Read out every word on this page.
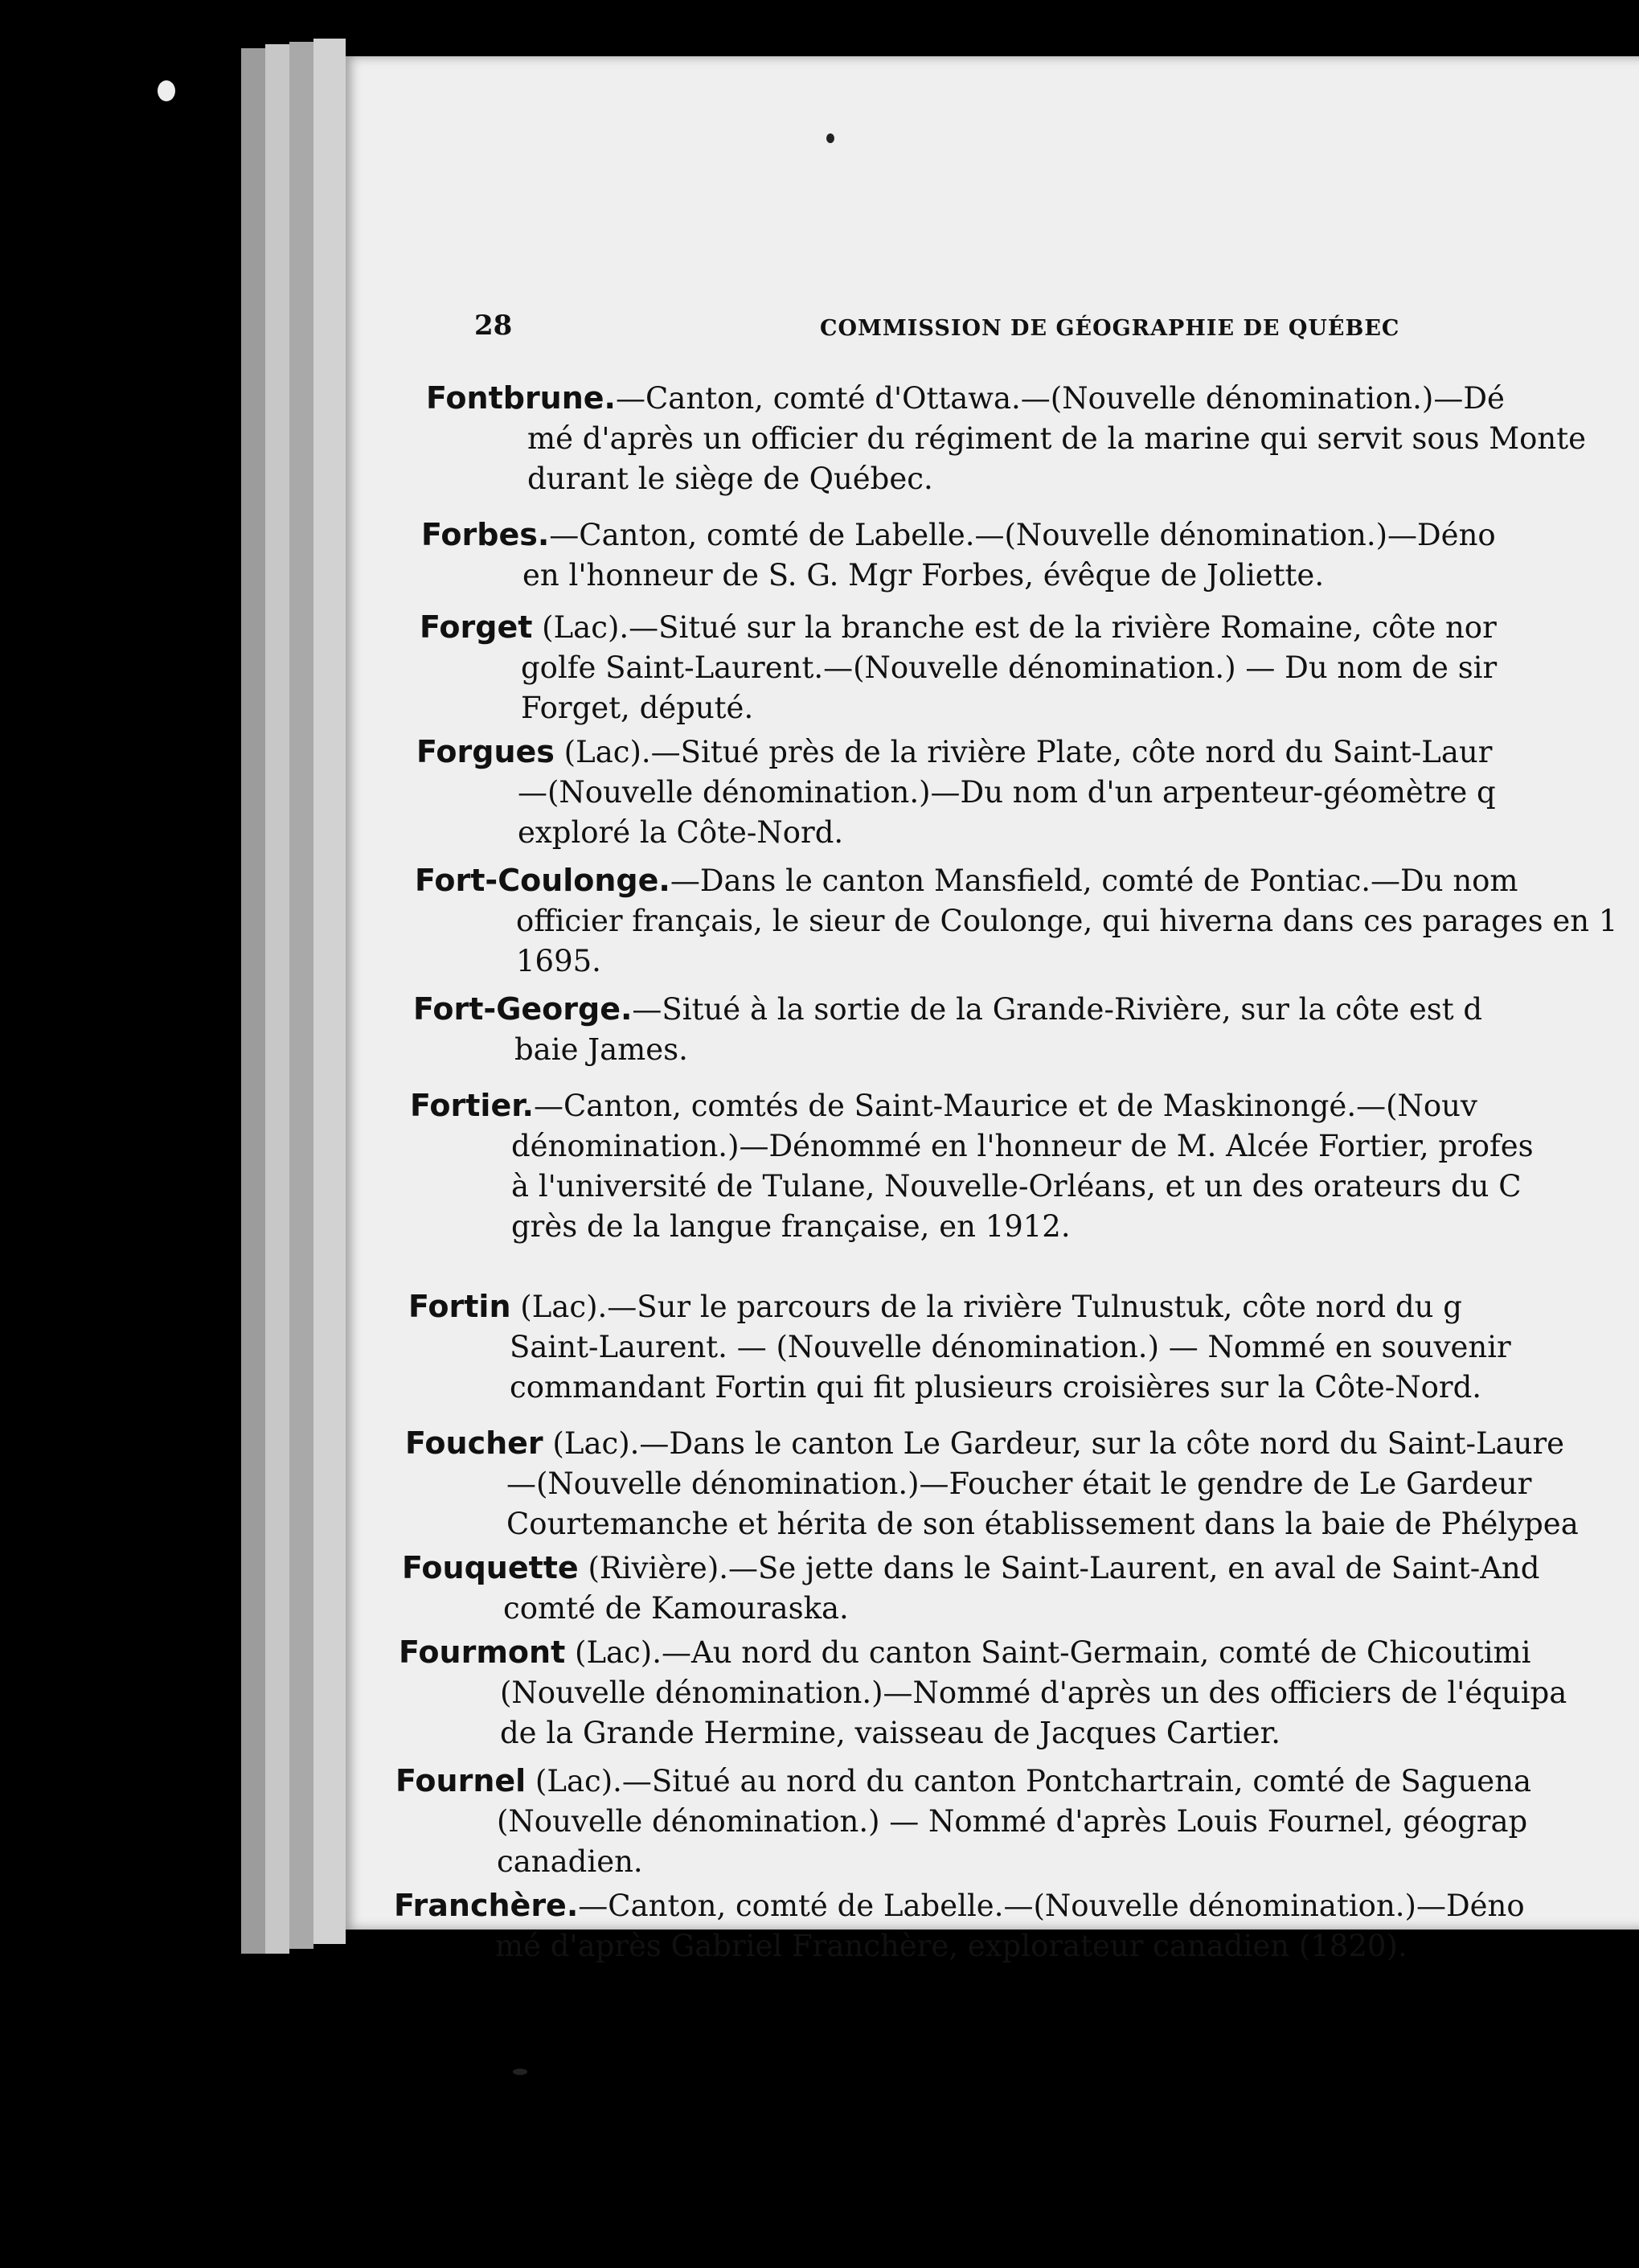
28	COMMISSION DE GÉOGRAPHIE DE QUÉBEC
Fontbrune.—Canton, comté d'Ottawa.—(Nouvelle dénomination.)—Dé
mé d'après un officier du régiment de la marine qui servit sous Monte
durant le siège de Québec.
Forbes.—Canton, comté de Labelle.—(Nouvelle dénomination.)—Déno
en l'honneur de S. G. Mgr Forbes, évêque de Joliette.
Forget (Lac).—Situé sur la branche est de la rivière Romaine, côte nor
golfe Saint-Laurent.—(Nouvelle dénomination.) — Du nom de sir
Forget, député.
Forgues (Lac).—Situé près de la rivière Plate, côte nord du Saint-Laur
—(Nouvelle dénomination.)—Du nom d'un arpenteur-géomètre q
exploré la Côte-Nord.
Fort-Coulonge.—Dans le canton Mansfield, comté de Pontiac.—Du nom
officier français, le sieur de Coulonge, qui hiverna dans ces parages en 1
1695.
Fort-George.—Situé à la sortie de la Grande-Rivière, sur la côte est d
baie James.
Fortier.—Canton, comtés de Saint-Maurice et de Maskinongé.—(Nouv
dénomination.)—Dénommé en l'honneur de M. Alcée Fortier, profes
à l'université de Tulane, Nouvelle-Orléans, et un des orateurs du C
grès de la langue française, en 1912.
Fortin (Lac).—Sur le parcours de la rivière Tulnustuk, côte nord du g
Saint-Laurent. — (Nouvelle dénomination.) — Nommé en souvenir
commandant Fortin qui fit plusieurs croisières sur la Côte-Nord.
Foucher (Lac).—Dans le canton Le Gardeur, sur la côte nord du Saint-Laure
—(Nouvelle dénomination.)—Foucher était le gendre de Le Gardeur
Courtemanche et hérita de son établissement dans la baie de Phélypea
Fouquette (Rivière).—Se jette dans le Saint-Laurent, en aval de Saint-And
comté de Kamouraska.
Fourmont (Lac).—Au nord du canton Saint-Germain, comté de Chicoutimi
(Nouvelle dénomination.)—Nommé d'après un des officiers de l'équipa
de la Grande Hermine, vaisseau de Jacques Cartier.
Fournel (Lac).—Situé au nord du canton Pontchartrain, comté de Saguena
(Nouvelle dénomination.) — Nommé d'après Louis Fournel, géograp
canadien.
Franchère.—Canton, comté de Labelle.—(Nouvelle dénomination.)—Déno
mé d'après Gabriel Franchère, explorateur canadien (1820).
